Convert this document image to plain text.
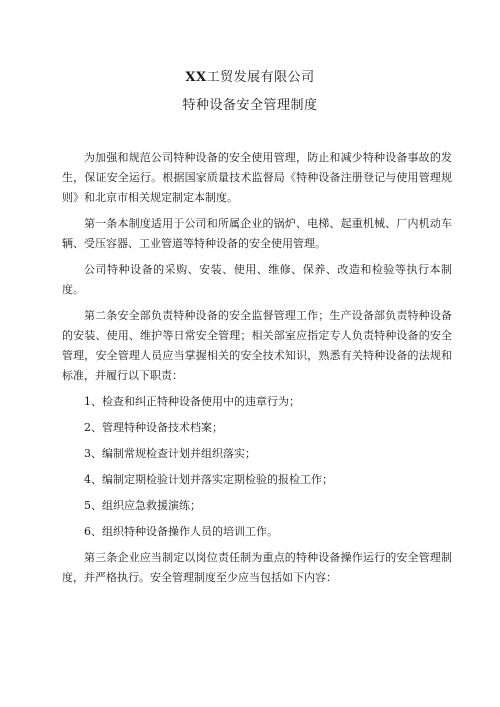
XX工贸发展有限公司
特种设备安全管理制度

为加强和规范公司特种设备的安全使用管理，防止和减少特种设备事故的发生，保证安全运行。根据国家质量技术监督局《特种设备注册登记与使用管理规则》和北京市相关规定制定本制度。

第一条本制度适用于公司和所属企业的锅炉、电梯、起重机械、厂内机动车辆、受压容器、工业管道等特种设备的安全使用管理。

公司特种设备的采购、安装、使用、维修、保养、改造和检验等执行本制度。

第二条安全部负责特种设备的安全监督管理工作；生产设备部负责特种设备的安装、使用、维护等日常安全管理；相关部室应指定专人负责特种设备的安全管理，安全管理人员应当掌握相关的安全技术知识，熟悉有关特种设备的法规和标准，并履行以下职责：

1、检查和纠正特种设备使用中的违章行为；

2、管理特种设备技术档案；

3、编制常规检查计划并组织落实；

4、编制定期检验计划并落实定期检验的报检工作；

5、组织应急救援演练；

6、组织特种设备操作人员的培训工作。

第三条企业应当制定以岗位责任制为重点的特种设备操作运行的安全管理制度，并严格执行。安全管理制度至少应当包括如下内容：
